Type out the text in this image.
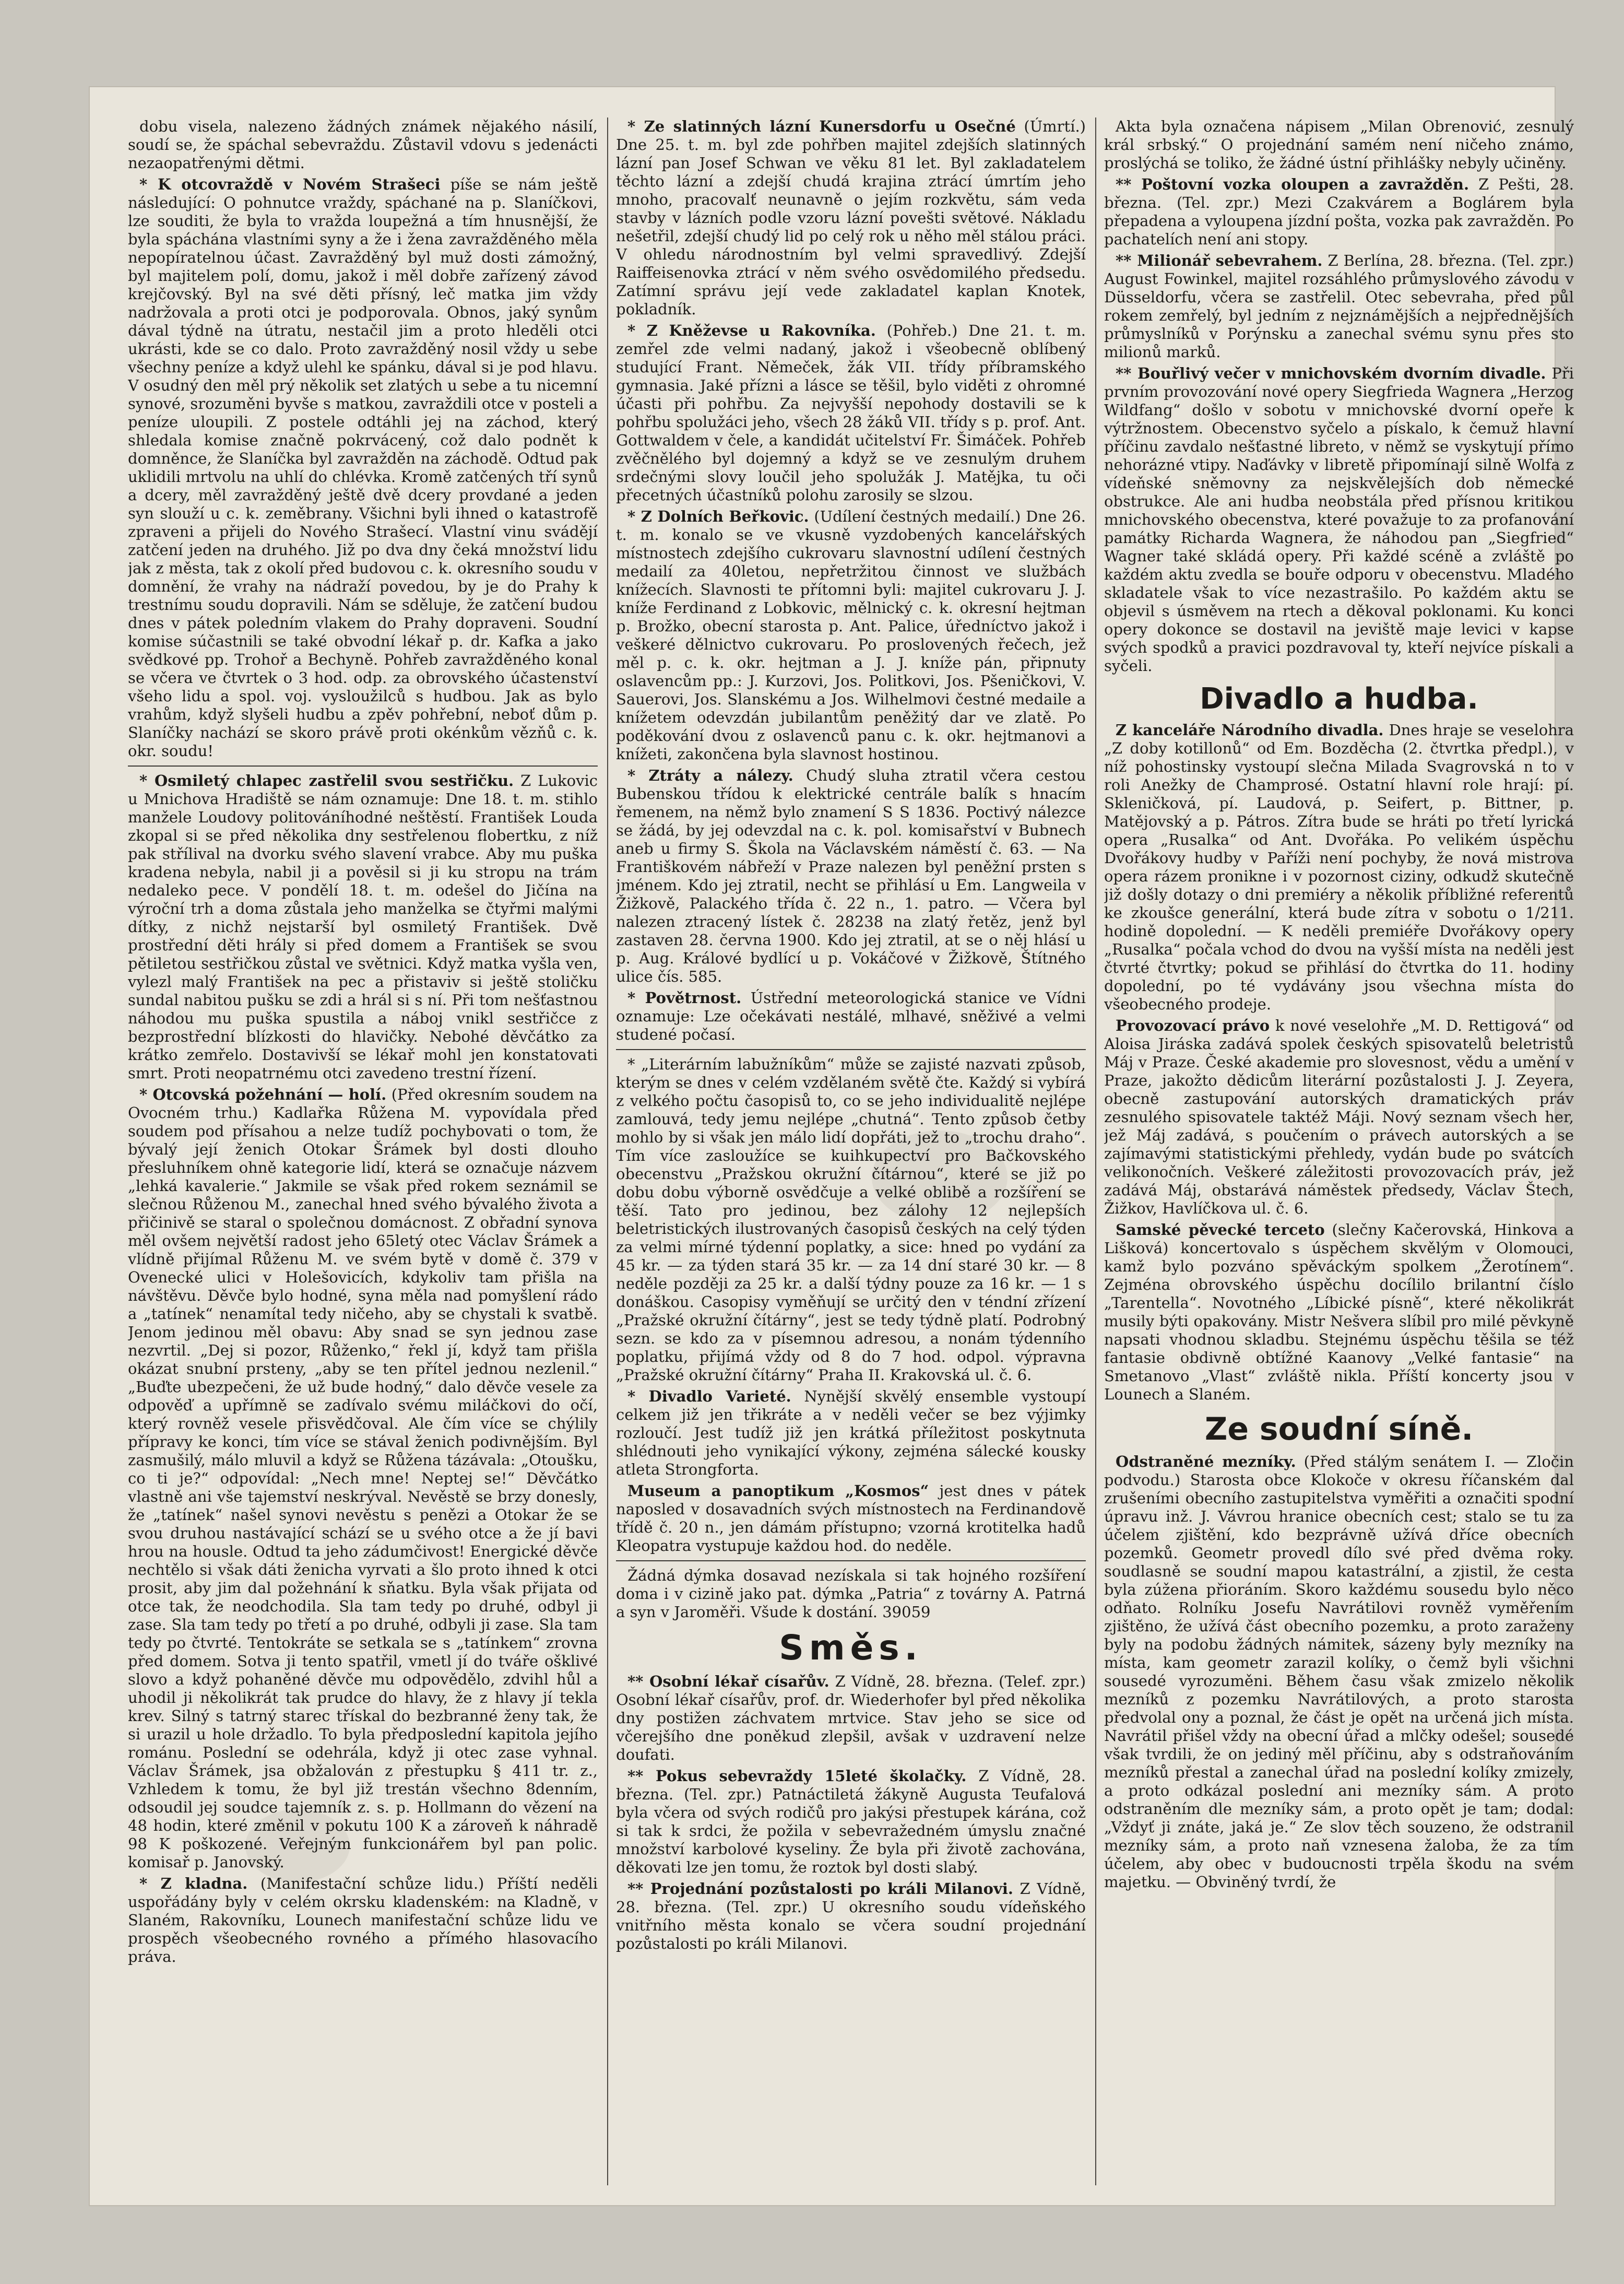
dobu visela, nalezeno žádných známek nějakého násilí, soudí se, že spáchal sebevraždu. Zůstavil vdovu s jedenácti nezaopatřenými dětmi.

* K otcovraždě v Novém Strašeci píše se nám ještě následující: O pohnutce vraždy, spáchané na p. Slaníčkovi, lze souditi, že byla to vražda loupežná a tím hnusnější, že byla spáchána vlastními syny a že i žena zavražděného měla nepopíratelnou účast. Zavražděný byl muž dosti zámožný, byl majitelem polí, domu, jakož i měl dobře zařízený závod krejčovský. Byl na své děti přísný, leč matka jim vždy nadržovala a proti otci je podporovala. Obnos, jaký synům dával týdně na útratu, nestačil jim a proto hleděli otci ukrásti, kde se co dalo. Proto zavražděný nosil vždy u sebe všechny peníze a když ulehl ke spánku, dával si je pod hlavu. V osudný den měl prý několik set zlatých u sebe a tu nicemní synové, srozuměni byvše s matkou, zavraždili otce v posteli a peníze uloupili. Z postele odtáhli jej na záchod, který shledala komise značně pokrvácený, což dalo podnět k domněnce, že Slaníčka byl zavražděn na záchodě. Odtud pak uklidili mrtvolu na uhlí do chlévka. Kromě zatčených tří synů a dcery, měl zavražděný ještě dvě dcery provdané a jeden syn slouží u c. k. zeměbrany. Všichni byli ihned o katastrofě zpraveni a přijeli do Nového Strašecí. Vlastní vinu svádějí zatčení jeden na druhého. Již po dva dny čeká množství lidu jak z města, tak z okolí před budovou c. k. okresního soudu v domnění, že vrahy na nádraží povedou, by je do Prahy k trestnímu soudu dopravili. Nám se sděluje, že zatčení budou dnes v pátek poledním vlakem do Prahy dopraveni. Soudní komise súčastnili se také obvodní lékař p. dr. Kafka a jako svědkové pp. Trohoř a Bechyně. Pohřeb zavražděného konal se včera ve čtvrtek o 3 hod. odp. za obrovského účastenství všeho lidu a spol. voj. vysloužilců s hudbou. Jak as bylo vrahům, když slyšeli hudbu a zpěv pohřební, neboť dům p. Slaníčky nachází se skoro právě proti okénkům vězňů c. k. okr. soudu!

* Osmiletý chlapec zastřelil svou sestřičku. Z Lukovic u Mnichova Hradiště se nám oznamuje: Dne 18. t. m. stihlo manžele Loudovy politováníhodné neštěstí. František Louda zkopal si se před několika dny sestřelenou flobertku, z níž pak střílival na dvorku svého slavení vrabce. Aby mu puška kradena nebyla, nabil ji a pověsil si ji ku stropu na trám nedaleko pece. V pondělí 18. t. m. odešel do Jičína na výroční trh a doma zůstala jeho manželka se čtyřmi malými dítky, z nichž nejstarší byl osmiletý František. Dvě prostřední děti hrály si před domem a František se svou pětiletou sestřičkou zůstal ve světnici. Když matka vyšla ven, vylezl malý František na pec a přistaviv si ještě stoličku sundal nabitou pušku se zdi a hrál si s ní. Při tom nešťastnou náhodou mu puška spustila a náboj vnikl sestřičce z bezprostřední blízkosti do hlavičky. Nebohé děvčátko za krátko zemřelo. Dostavivší se lékař mohl jen konstatovati smrt. Proti neopatrnému otci zavedeno trestní řízení.

* Otcovská požehnání — holí. (Před okresním soudem na Ovocném trhu.) Kadlařka Růžena M. vypovídala před soudem pod přísahou a nelze tudíž pochybovati o tom, že bývalý její ženich Otokar Šrámek byl dosti dlouho přesluhníkem ohně kategorie lidí, která se označuje názvem „lehká kavalerie.“ Jakmile se však před rokem seznámil se slečnou Růženou M., zanechal hned svého bývalého života a přičinivě se staral o společnou domácnost. Z obřadní synova měl ovšem největší radost jeho 65letý otec Václav Šrámek a vlídně přijímal Růženu M. ve svém bytě v domě č. 379 v Ovenecké ulici v Holešovicích, kdykoliv tam přišla na návštěvu. Děvče bylo hodné, syna měla nad pomyšlení rádo a „tatínek“ nenamítal tedy ničeho, aby se chystali k svatbě. Jenom jedinou měl obavu: Aby snad se syn jednou zase nezvrtil. „Dej si pozor, Růženko,“ řekl jí, když tam přišla okázat snubní prsteny, „aby se ten přítel jednou nezlenil.“ „Buďte ubezpečeni, že už bude hodný,“ dalo děvče vesele za odpověď a upřímně se zadívalo svému miláčkovi do očí, který rovněž vesele přisvědčoval. Ale čím více se chýlily přípravy ke konci, tím více se stával ženich podivnějším. Byl zasmušilý, málo mluvil a když se Růžena tázávala: „Otoušku, co ti je?“ odpovídal: „Nech mne! Neptej se!“ Děvčátko vlastně ani vše tajemství neskrýval. Nevěstě se brzy donesly, že „tatínek“ našel synovi nevěstu s penězi a Otokar že se svou druhou nastávající schází se u svého otce a že jí bavi hrou na housle. Odtud ta jeho zádumčivost! Energické děvče nechtělo si však dáti ženicha vyrvati a šlo proto ihned k otci prosit, aby jim dal požehnání k sňatku. Byla však přijata od otce tak, že neodchodila. Sla tam tedy po druhé, odbyl ji zase. Sla tam tedy po třetí a po druhé, odbyli ji zase. Sla tam tedy po čtvrté. Tentokráte se setkala se s „tatínkem“ zrovna před domem. Sotva ji tento spatřil, vmetl jí do tváře ošklivé slovo a když pohaněné děvče mu odpovědělo, zdvihl hůl a uhodil ji několikrát tak prudce do hlavy, že z hlavy jí tekla krev. Silný s tatrný starec třískal do bezbranné ženy tak, že si urazil u hole držadlo. To byla předposlední kapitola jejího románu. Poslední se odehrála, když ji otec zase vyhnal. Václav Šrámek, jsa obžalován z přestupku § 411 tr. z., Vzhledem k tomu, že byl již trestán všechno 8denním, odsoudil jej soudce tajemník z. s. p. Hollmann do vězení na 48 hodin, které změnil v pokutu 100 K a zároveň k náhradě 98 K poškozené. Veřejným funkcionářem byl pan polic. komisař p. Janovský.

* Z kladna. (Manifestační schůze lidu.) Příští neděli uspořádány byly v celém okrsku kladenském: na Kladně, v Slaném, Rakovníku, Lounech manifestační schůze lidu ve prospěch všeobecného rovného a přímého hlasovacího práva.

* Ze slatinných lázní Kunersdorfu u Osečné (Úmrtí.) Dne 25. t. m. byl zde pohřben majitel zdejších slatinných lázní pan Josef Schwan ve věku 81 let. Byl zakladatelem těchto lázní a zdejší chudá krajina ztrácí úmrtím jeho mnoho, pracovalť neunavně o jejím rozkvětu, sám veda stavby v lázních podle vzoru lázní povešti světové. Nákladu nešetřil, zdejší chudý lid po celý rok u něho měl stálou práci. V ohledu národnostním byl velmi spravedlivý. Zdejší Raiffeisenovka ztrácí v něm svého osvědomilého předsedu. Zatímní správu její vede zakladatel kaplan Knotek, pokladník.

* Z Kněževse u Rakovníka. (Pohřeb.) Dne 21. t. m. zemřel zde velmi nadaný, jakož i všeobecně oblíbený studující Frant. Němeček, žák VII. třídy příbramského gymnasia. Jaké přízni a lásce se těšil, bylo viděti z ohromné účasti při pohřbu. Za nejvyšší nepohody dostavili se k pohřbu spolužáci jeho, všech 28 žáků VII. třídy s p. prof. Ant. Gottwaldem v čele, a kandidát učitelství Fr. Šimáček. Pohřeb zvěčnělého byl dojemný a když se ve zesnulým druhem srdečnými slovy loučil jeho spolužák J. Matějka, tu oči přecetných účastníků polohu zarosily se slzou.

* Z Dolních Beřkovic. (Udílení čestných medailí.) Dne 26. t. m. konalo se ve vkusně vyzdobených kancelářských místnostech zdejšího cukrovaru slavnostní udílení čestných medailí za 40letou, nepřetržitou činnost ve službách knížecích. Slavnosti te přítomni byli: majitel cukrovaru J. J. kníže Ferdinand z Lobkovic, mělnický c. k. okresní hejtman p. Brožko, obecní starosta p. Ant. Palice, úředníctvo jakož i veškeré dělnictvo cukrovaru. Po proslovených řečech, jež měl p. c. k. okr. hejtman a J. J. kníže pán, připnuty oslavencům pp.: J. Kurzovi, Jos. Politkovi, Jos. Pšeničkovi, V. Sauerovi, Jos. Slanskému a Jos. Wilhelmovi čestné medaile a knížetem odevzdán jubilantům peněžitý dar ve zlatě. Po poděkování dvou z oslavenců panu c. k. okr. hejtmanovi a knížeti, zakončena byla slavnost hostinou.

* Ztráty a nálezy. Chudý sluha ztratil včera cestou Bubenskou třídou k elektrické centrále balík s hnacím řemenem, na němž bylo znamení S S 1836. Poctivý nálezce se žádá, by jej odevzdal na c. k. pol. komisařství v Bubnech aneb u firmy S. Škola na Václavském náměstí č. 63. — Na Františkovém nábřeží v Praze nalezen byl peněžní prsten s jménem. Kdo jej ztratil, necht se přihlásí u Em. Langweila v Žižkově, Palackého třída č. 22 n., 1. patro. — Včera byl nalezen ztracený lístek č. 28238 na zlatý řetěz, jenž byl zastaven 28. června 1900. Kdo jej ztratil, at se o něj hlásí u p. Aug. Králové bydlící u p. Vokáčové v Žižkově, Štítného ulice čís. 585.

* Povětrnost. Ústřední meteorologická stanice ve Vídni oznamuje: Lze očekávati nestálé, mlhavé, sněživé a velmi studené počasí.

* „Literárním labužníkům“ může se zajisté nazvati způsob, kterým se dnes v celém vzdělaném světě čte. Každý si vybírá z velkého počtu časopisů to, co se jeho individualitě nejlépe zamlouvá, tedy jemu nejlépe „chutná“. Tento způsob četby mohlo by si však jen málo lidí dopřáti, jež to „trochu draho“. Tím více zasloužíce se kuihkupectví pro Bačkovského obecenstvu „Pražskou okružní čítárnou“, které se již po dobu dobu výborně osvědčuje a velké oblibě a rozšíření se těší. Tato pro jedinou, bez zálohy 12 nejlepších beletristických ilustrovaných časopisů českých na celý týden za velmi mírné týdenní poplatky, a sice: hned po vydání za 45 kr. — za týden stará 35 kr. — za 14 dní staré 30 kr. — 8 neděle později za 25 kr. a další týdny pouze za 16 kr. — 1 s donáškou. Casopisy vyměňují se určitý den v téndní zřízení „Pražské okružní čítárny“, jest se tedy týdně platí. Podrobný sezn. se kdo za v písemnou adresou, a nonám týdenního poplatku, přijímá vždy od 8 do 7 hod. odpol. výpravna „Pražské okružní čítárny“ Praha II. Krakovská ul. č. 6.

* Divadlo Varieté. Nynější skvělý ensemble vystoupí celkem již jen třikráte a v neděli večer se bez výjimky rozloučí. Jest tudíž již jen krátká příležitost poskytnuta shlédnouti jeho vynikající výkony, zejména sálecké kousky atleta Strongforta.

Museum a panoptikum „Kosmos“ jest dnes v pátek naposled v dosavadních svých místnostech na Ferdinandově třídě č. 20 n., jen dámám přístupno; vzorná krotitelka hadů Kleopatra vystupuje každou hod. do neděle.

Žádná dýmka dosavad nezískala si tak hojného rozšíření doma i v cizině jako pat. dýmka „Patria“ z továrny A. Patrná a syn v Jaroměři. Všude k dostání. 39059

Směs.

** Osobní lékař císařův. Z Vídně, 28. března. (Telef. zpr.) Osobní lékař císařův, prof. dr. Wiederhofer byl před několika dny postižen záchvatem mrtvice. Stav jeho se sice od včerejšího dne poněkud zlepšil, avšak v uzdravení nelze doufati.

** Pokus sebevraždy 15leté školačky. Z Vídně, 28. března. (Tel. zpr.) Patnáctiletá žákyně Augusta Teufalová byla včera od svých rodičů pro jakýsi přestupek kárána, což si tak k srdci, že požila v sebevražedném úmyslu značné množství karbolové kyseliny. Že byla při životě zachována, děkovati lze jen tomu, že roztok byl dosti slabý.

** Projednání pozůstalosti po králi Milanovi. Z Vídně, 28. března. (Tel. zpr.) U okresního soudu vídeňského vnitřního města konalo se včera soudní projednání pozůstalosti po králi Milanovi.

Akta byla označena nápisem „Milan Obrenović, zesnulý král srbský.“ O projednání samém není ničeho známo, proslýchá se toliko, že žádné ústní přihlášky nebyly učiněny.

** Poštovní vozka oloupen a zavražděn. Z Pešti, 28. března. (Tel. zpr.) Mezi Czakvárem a Boglárem byla přepadena a vyloupena jízdní pošta, vozka pak zavražděn. Po pachatelích není ani stopy.

** Milionář sebevrahem. Z Berlína, 28. března. (Tel. zpr.) August Fowinkel, majitel rozsáhlého průmyslového závodu v Düsseldorfu, včera se zastřelil. Otec sebevraha, před půl rokem zemřelý, byl jedním z nejznámějších a nejpřednějších průmyslníků v Porýnsku a zanechal svému synu přes sto milionů marků.

** Bouřlivý večer v mnichovském dvorním divadle. Při prvním provozování nové opery Siegfrieda Wagnera „Herzog Wildfang“ došlo v sobotu v mnichovské dvorní opeře k výtržnostem. Obecenstvo syčelo a pískalo, k čemuž hlavní příčinu zavdalo nešťastné libreto, v němž se vyskytují přímo nehorázné vtipy. Naďávky v libretě připomínají silně Wolfa z vídeňské sněmovny za nejskvělejších dob německé obstrukce. Ale ani hudba neobstála před přísnou kritikou mnichovského obecenstva, které považuje to za profanování památky Richarda Wagnera, že náhodou pan „Siegfried“ Wagner také skládá opery. Při každé scéně a zvláště po každém aktu zvedla se bouře odporu v obecenstvu. Mladého skladatele však to více nezastrašilo. Po každém aktu se objevil s úsměvem na rtech a děkoval poklonami. Ku konci opery dokonce se dostavil na jeviště maje levici v kapse svých spodků a pravici pozdravoval ty, kteří nejvíce pískali a syčeli.

Divadlo a hudba.

Z kanceláře Národního divadla. Dnes hraje se veselohra „Z doby kotillonů“ od Em. Bozděcha (2. čtvrtka předpl.), v níž pohostinsky vystoupí slečna Milada Svagrovská n to v roli Anežky de Champrosé. Ostatní hlavní role hrají: pí. Skleničková, pí. Laudová, p. Seifert, p. Bittner, p. Matějovský a p. Pátros. Zítra bude se hráti po třetí lyrická opera „Rusalka“ od Ant. Dvořáka. Po velikém úspěchu Dvořákovy hudby v Paříži není pochyby, že nová mistrova opera rázem pronikne i v pozornost ciziny, odkudž skutečně již došly dotazy o dni premiéry a několik příbližné referentů ke zkoušce generální, která bude zítra v sobotu o 1/211. hodině dopolední. — K neděli premiéře Dvořákovy opery „Rusalka“ počala vchod do dvou na vyšší místa na neděli jest čtvrté čtvrtky; pokud se přihlásí do čtvrtka do 11. hodiny dopolední, po té vydávány jsou všechna místa do všeobecného prodeje.

Provozovací právo k nové veselohře „M. D. Rettigová“ od Aloisa Jiráska zadává spolek českých spisovatelů beletristů Máj v Praze. České akademie pro slovesnost, vědu a umění v Praze, jakožto dědicům literární pozůstalosti J. J. Zeyera, obecně zastupování autorských dramatických práv zesnulého spisovatele taktéž Máji. Nový seznam všech her, jež Máj zadává, s poučením o právech autorských a se zajímavými statistickými přehledy, vydán bude po svátcích velikonočních. Veškeré záležitosti provozovacích práv, jež zadává Máj, obstarává náměstek předsedy, Václav Štech, Žižkov, Havlíčkova ul. č. 6.

Samské pěvecké terceto (slečny Kačerovská, Hinkova a Lišková) koncertovalo s úspěchem skvělým v Olomouci, kamž bylo pozváno spěváckým spolkem „Žerotínem“. Zejména obrovského úspěchu docílilo brilantní číslo „Tarentella“. Novotného „Líbické písně“, které několikrát musily býti opakovány. Mistr Nešvera slíbil pro milé pěvkyně napsati vhodnou skladbu. Stejnému úspěchu těšila se též fantasie obdivně obtížné Kaanovy „Velké fantasie“ na Smetanovo „Vlast“ zvláště nikla. Příští koncerty jsou v Lounech a Slaném.

Ze soudní síně.

Odstraněné mezníky. (Před stálým senátem I. — Zločin podvodu.) Starosta obce Klokoče v okresu říčanském dal zrušeními obecního zastupitelstva vyměřiti a označiti spodní úpravu inž. J. Vávrou hranice obecních cest; stalo se tu za účelem zjištění, kdo bezprávně užívá dříce obecních pozemků. Geometr provedl dílo své před dvěma roky. soudlasně se soudní mapou katastrální, a zjistil, že cesta byla zúžena přioráním. Skoro každému sousedu bylo něco odňato. Rolníku Josefu Navrátilovi rovněž vyměřením zjištěno, že užívá část obecního pozemku, a proto zaraženy byly na podobu žádných námitek, sázeny byly mezníky na místa, kam geometr zarazil kolíky, o čemž byli všichni sousedé vyrozuměni. Během času však zmizelo několik mezníků z pozemku Navrátilových, a proto starosta předvolal ony a poznal, že část je opět na určená jich místa. Navrátil přišel vždy na obecní úřad a mlčky odešel; sousedé však tvrdili, že on jediný měl příčinu, aby s odstraňováním mezníků přestal a zanechal úřad na poslední kolíky zmizely, a proto odkázal poslední ani mezníky sám. A proto odstraněním dle mezníky sám, a proto opět je tam; dodal: „Vždyť ji znáte, jaká je.“ Ze slov těch souzeno, že odstranil mezníky sám, a proto naň vznesena žaloba, že za tím účelem, aby obec v budoucnosti trpěla škodu na svém majetku. — Obviněný tvrdí, že
